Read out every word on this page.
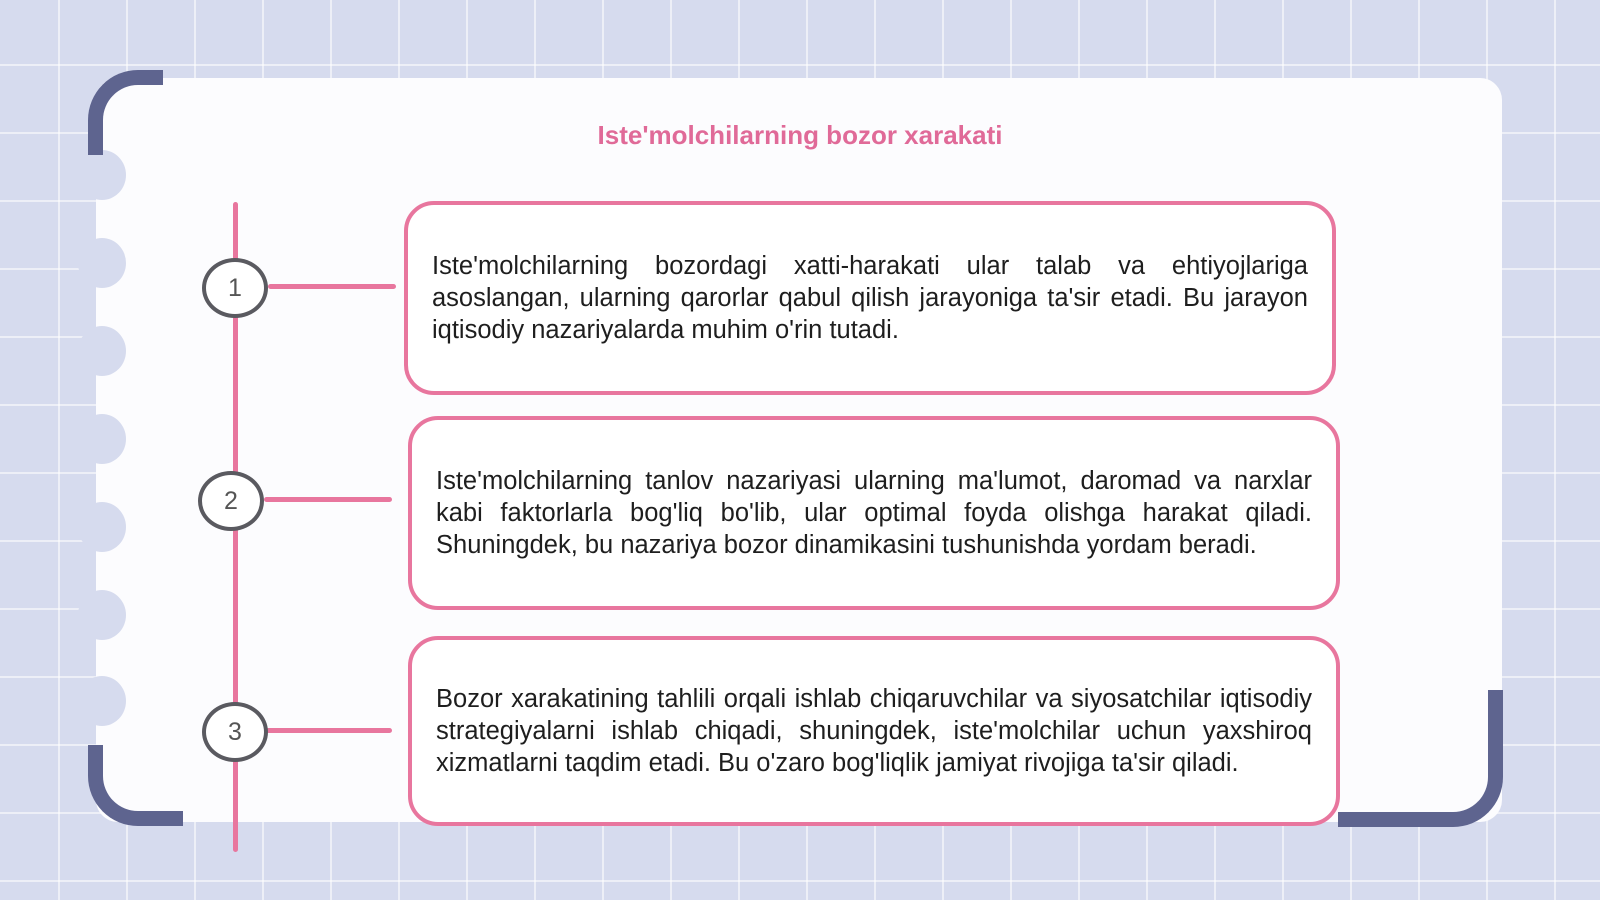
Iste'molchilarning bozor xarakati
1
Iste'molchilarning bozordagi xatti-harakati ular talab va ehtiyojlariga asoslangan, ularning qarorlar qabul qilish jarayoniga ta'sir etadi. Bu jarayon iqtisodiy nazariyalarda muhim o'rin tutadi.
2
Iste'molchilarning tanlov nazariyasi ularning ma'lumot, daromad va narxlar kabi faktorlarla bog'liq bo'lib, ular optimal foyda olishga harakat qiladi. Shuningdek, bu nazariya bozor dinamikasini tushunishda yordam beradi.
3
Bozor xarakatining tahlili orqali ishlab chiqaruvchilar va siyosatchilar iqtisodiy strategiyalarni ishlab chiqadi, shuningdek, iste'molchilar uchun yaxshiroq xizmatlarni taqdim etadi. Bu o'zaro bog'liqlik jamiyat rivojiga ta'sir qiladi.
